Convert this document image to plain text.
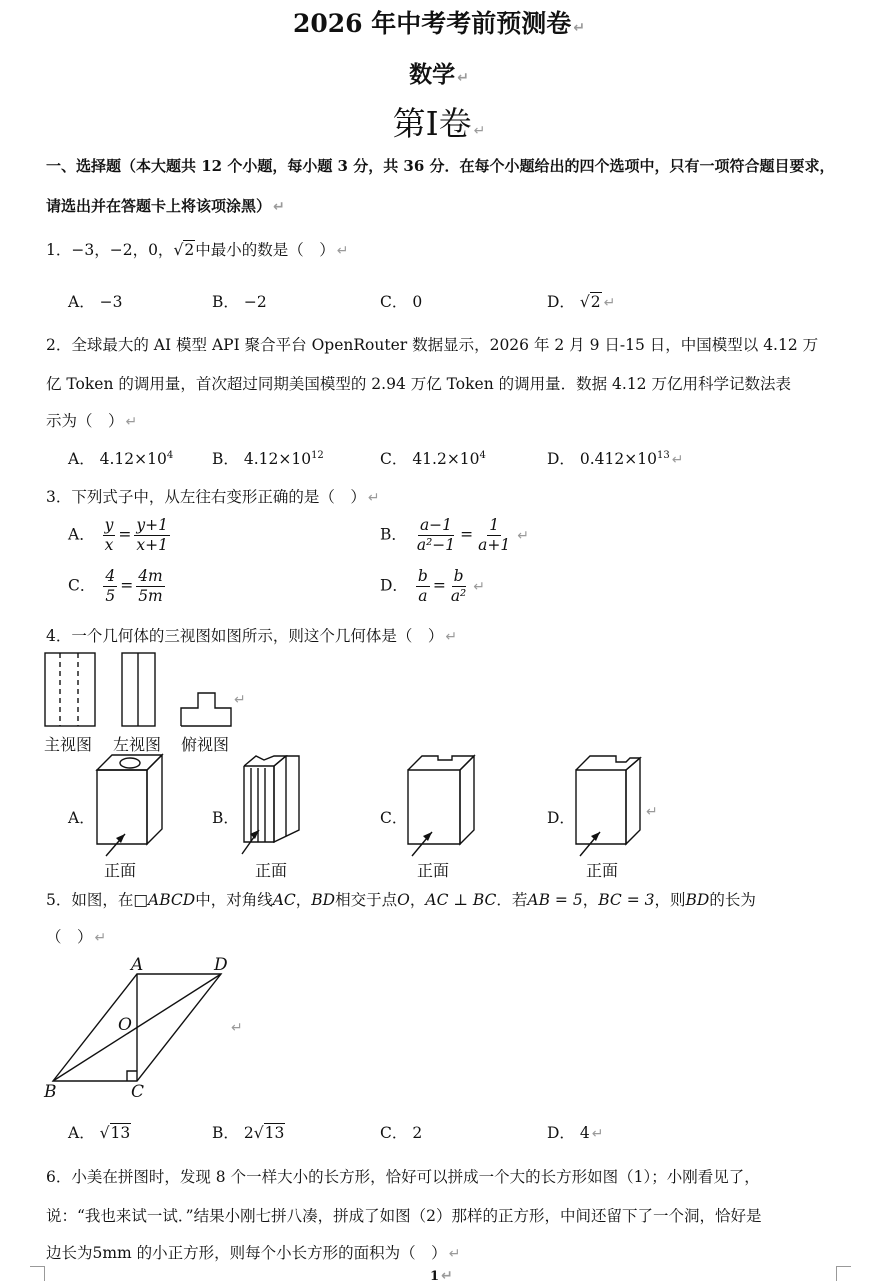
2026 年中考考前预测卷 ↵
数学 ↵
第I卷 ↵
一、选择题（本大题共 12 个小题，每小题 3 分，共 36 分．在每个小题给出的四个选项中，只有一项符合题目要求，请选出并在答题卡上将该项涂黑） ↵
1．−3，−2，0，√2中最小的数是（　） ↵
A． −3	B． −2	C． 0	D． √2 ↵
2．全球最大的 AI 模型 API 聚合平台 OpenRouter 数据显示，2026 年 2 月 9 日-15 日，中国模型以 4.12 万
亿 Token 的调用量，首次超过同期美国模型的 2.94 万亿 Token 的调用量．数据 4.12 万亿用科学记数法表
示为（　） ↵
A． $4.12\times 10^4$	B． $4.12\times 10^{12}$	C． $41.2\times 10^4$	D． $0.412\times 10^{13}$ ↵
3．下列式子中，从左往右变形正确的是（　） ↵
A． $\frac{y}{x} = \frac{y+1}{x+1}$	B． $\frac{a-1}{\text{a²−1}} = \frac{1}{a+1}$ ↵
C． $\frac{4}{5} = \frac{4m}{5m}$	D． $\frac{b}{a} = \frac{b}{\text{a²}}$ ↵
4．一个几何体的三视图如图所示，则这个几何体是（　） ↵
↵
主视图 左视图 俯视图
A．
正面
B．
正面
C．
正面
D．	↵
正面
5．如图，在□ABCD中，对角线AC，BD相交于点O，AC ⊥ BC．若AB = 5，BC = 3，则BD的长为
（　） ↵
A	D
O
B	C
↵
A． √13	B． 2√13	C． 2	D． 4 ↵
6．小美在拼图时，发现 8 个一样大小的长方形，恰好可以拼成一个大的长方形如图（1）；小刚看见了，
说：“我也来试一试．”结果小刚七拼八凑，拼成了如图（2）那样的正方形，中间还留下了一个洞，恰好是
边长为5mm 的小正方形，则每个小长方形的面积为（　） ↵
1 ↵
